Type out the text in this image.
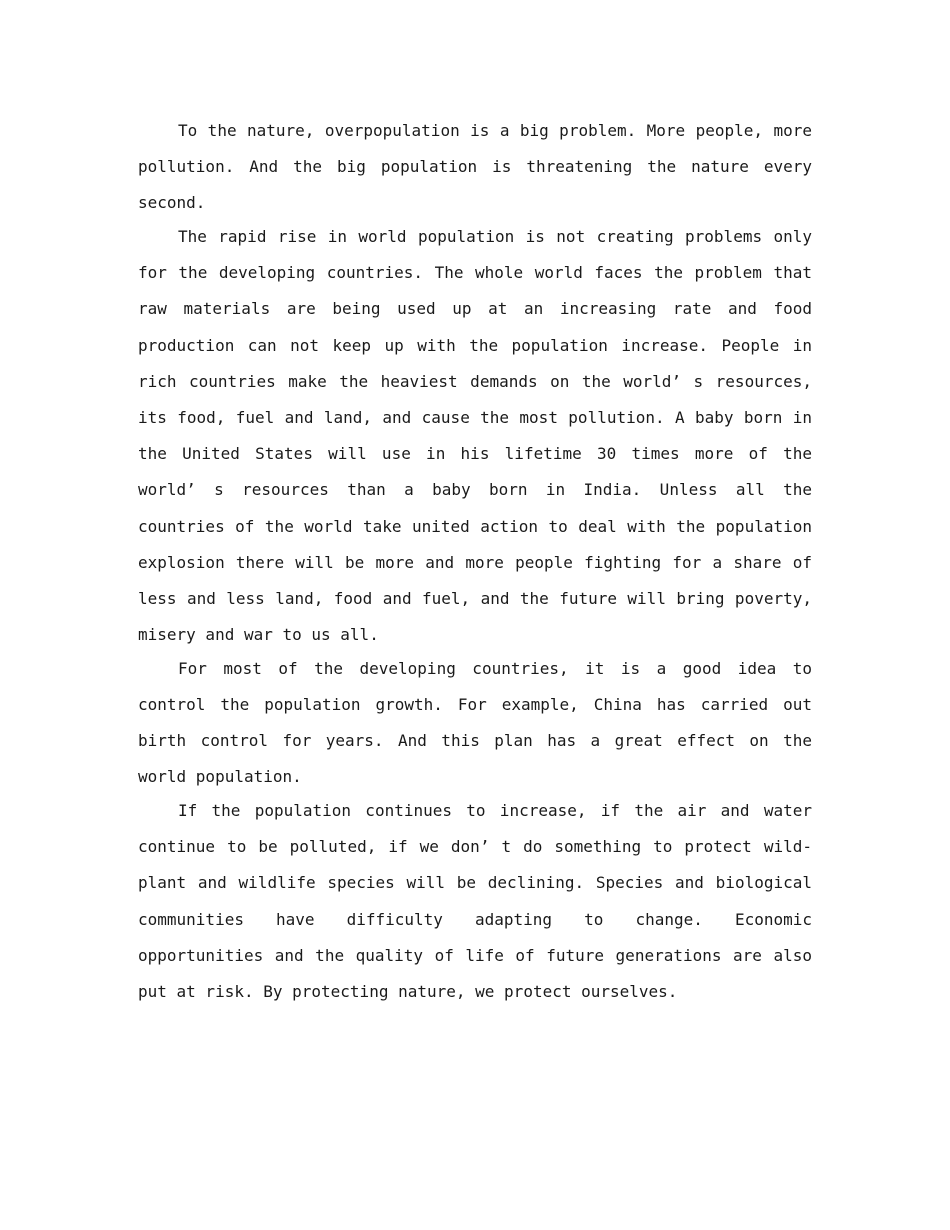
To the nature, overpopulation is a big problem. More people, more pollution. And the big population is threatening the nature every second.

The rapid rise in world population is not creating problems only for the developing countries. The whole world faces the problem that raw materials are being used up at an increasing rate and food production can not keep up with the population increase. People in rich countries make the heaviest demands on the world’ s resources, its food, fuel and land, and cause the most pollution. A baby born in the United States will use in his lifetime 30 times more of the world’ s resources than a baby born in India. Unless all the countries of the world take united action to deal with the population explosion there will be more and more people fighting for a share of less and less land, food and fuel, and the future will bring poverty, misery and war to us all.

For most of the developing countries, it is a good idea to control the population growth. For example, China has carried out birth control for years. And this plan has a great effect on the world population.

If the population continues to increase, if the air and water continue to be polluted, if we don’ t do something to protect wild-plant and wildlife species will be declining. Species and biological communities have difficulty adapting to change. Economic opportunities and the quality of life of future generations are also put at risk. By protecting nature, we protect ourselves.
